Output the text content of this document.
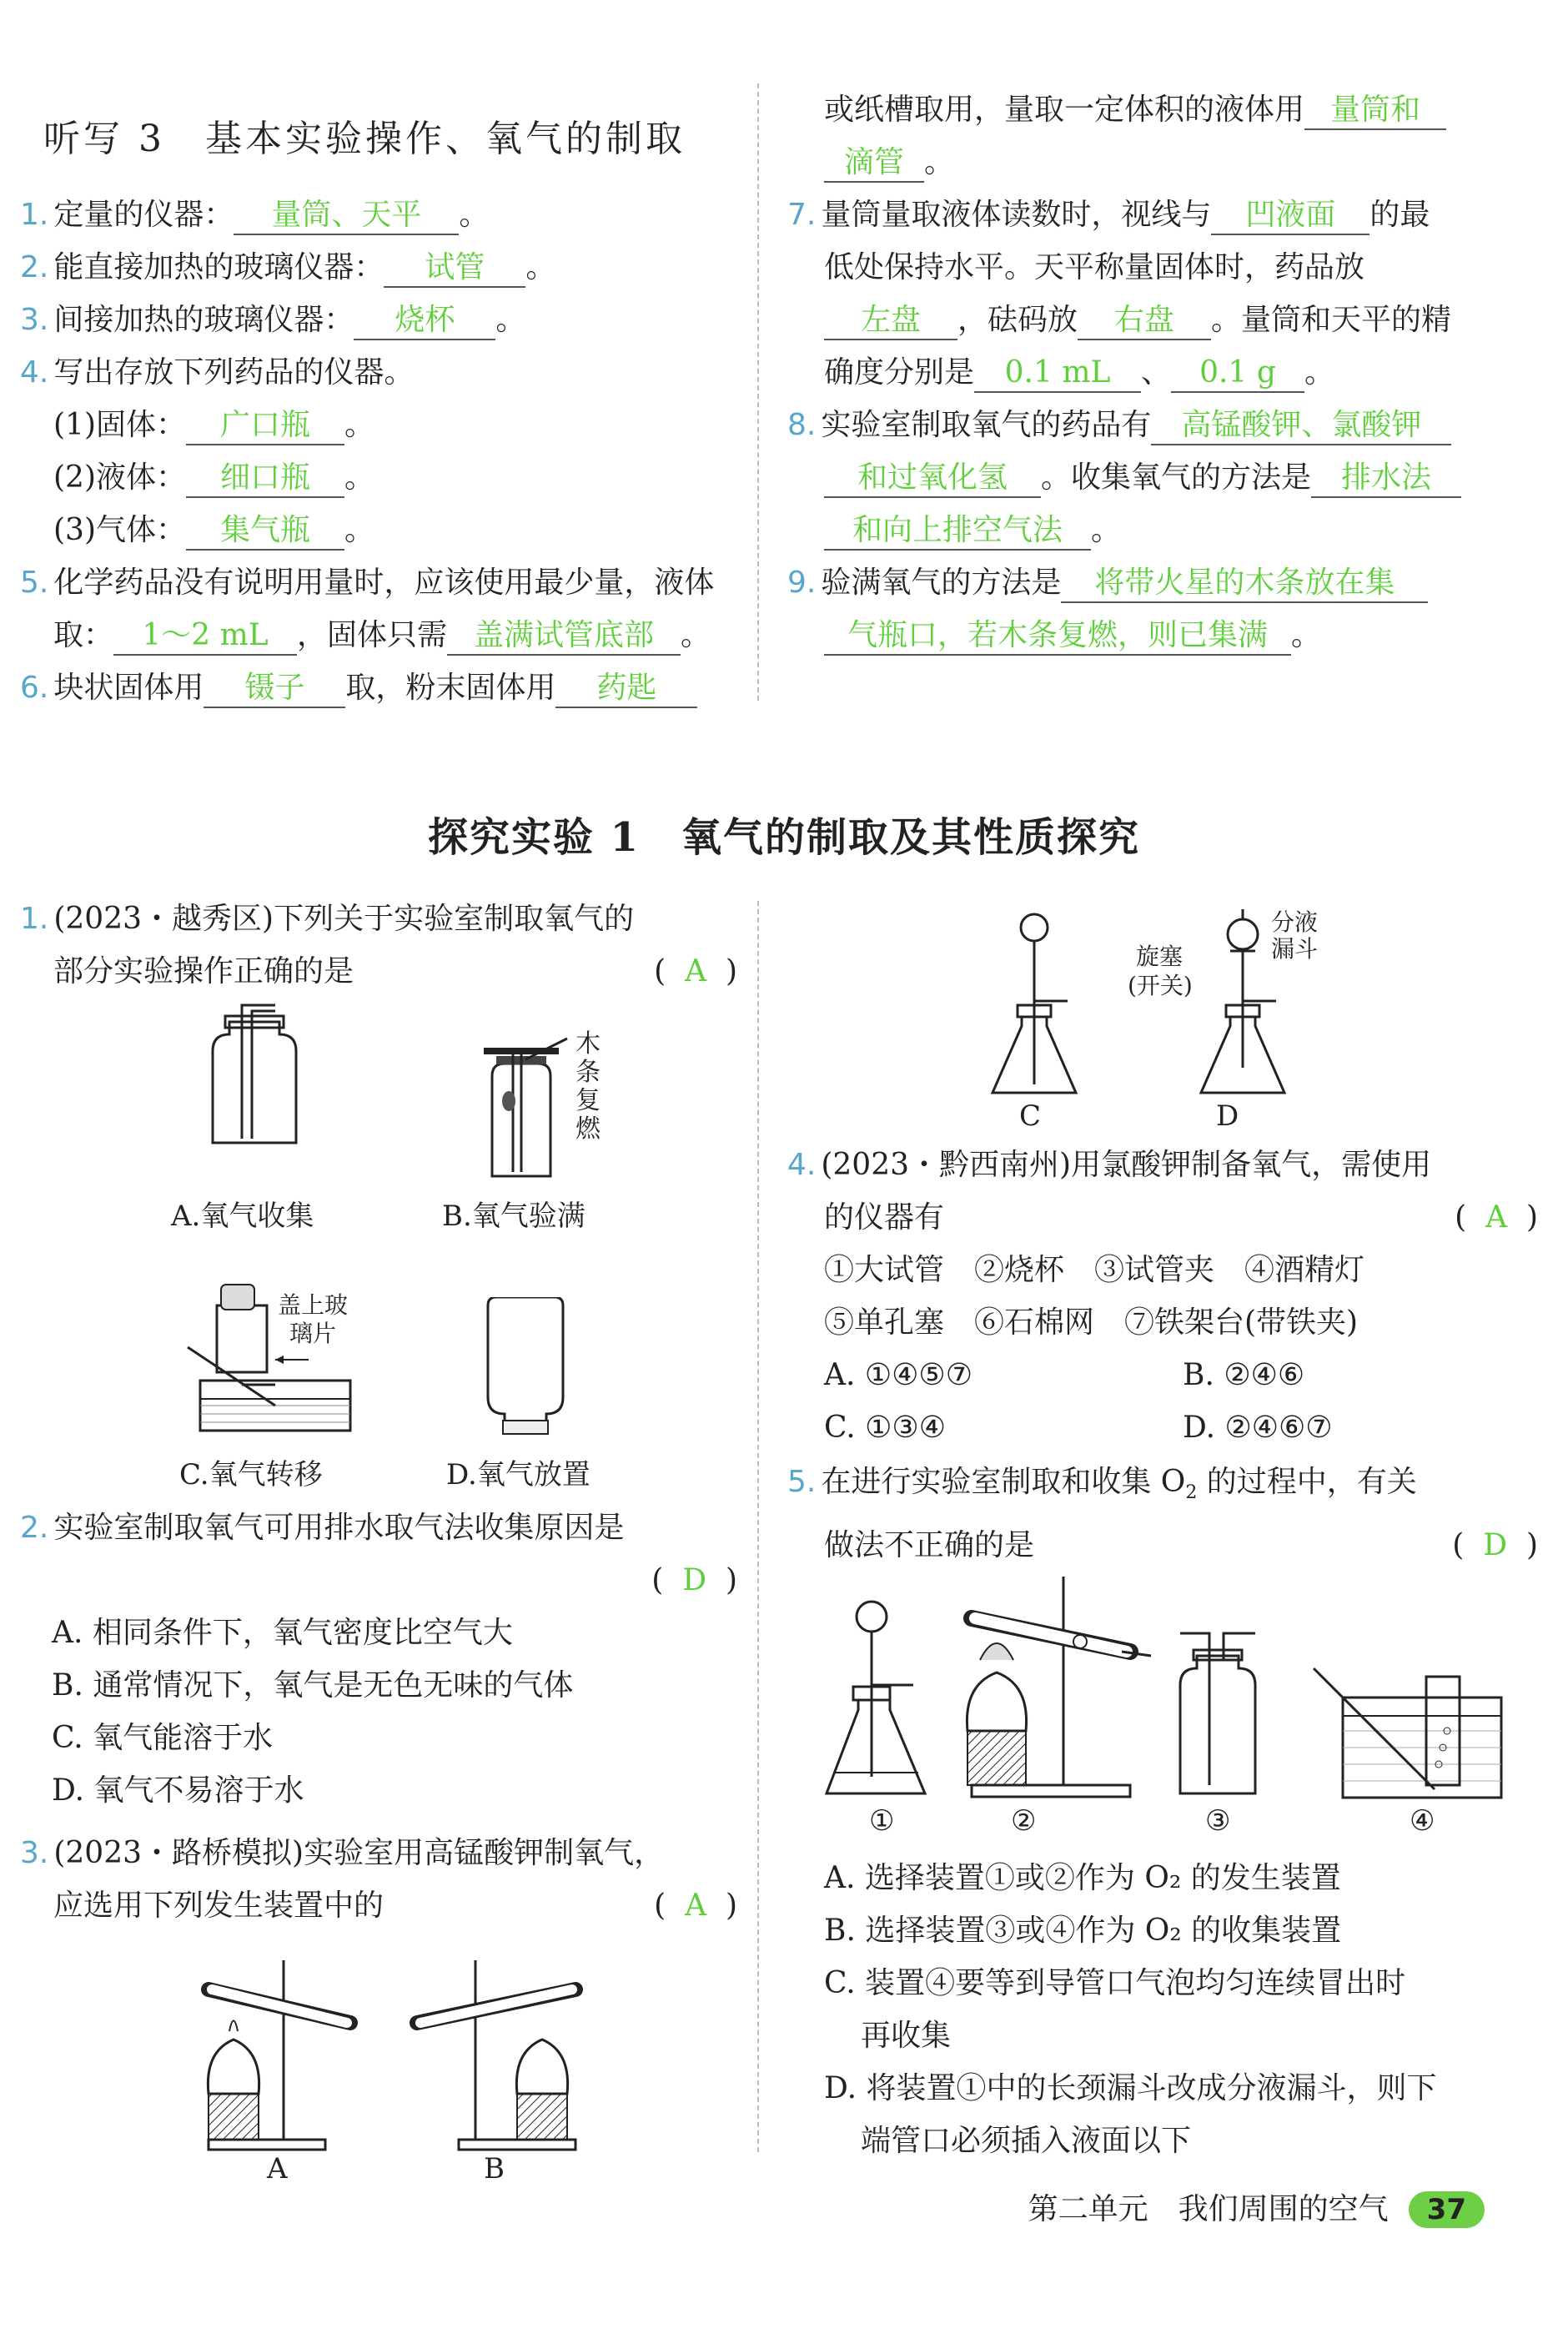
听写 3　基本实验操作、氧气的制取
1. 定量的仪器： 量筒、天平 。
2. 能直接加热的玻璃仪器： 试管 。
3. 间接加热的玻璃仪器： 烧杯 。
4. 写出存放下列药品的仪器。
(1)固体： 广口瓶 。
(2)液体： 细口瓶 。
(3)气体： 集气瓶 。
5. 化学药品没有说明用量时，应该使用最少量，液体
取： 1～2 mL ，固体只需 盖满试管底部 。
6. 块状固体用 镊子 取，粉末固体用 药匙
或纸槽取用，量取一定体积的液体用 量筒和
滴管 。
7. 量筒量取液体读数时，视线与 凹液面 的最
低处保持水平。天平称量固体时，药品放
左盘 ，砝码放 右盘 。量筒和天平的精
确度分别是 0.1 mL 、 0.1 g 。
8. 实验室制取氧气的药品有 高锰酸钾、氯酸钾
和过氧化氢 。收集氧气的方法是 排水法
和向上排空气法 。
9. 验满氧气的方法是 将带火星的木条放在集
气瓶口，若木条复燃，则已集满 。
探究实验 1　氧气的制取及其性质探究
1. (2023・越秀区)下列关于实验室制取氧气的
部分实验操作正确的是	(  A  )
A.氧气收集
木条复燃
B.氧气验满
盖上玻璃片
C.氧气转移	D.氧气放置
2. 实验室制取氧气可用排水取气法收集原因是
(  D  )

A. 相同条件下，氧气密度比空气大
B. 通常情况下，氧气是无色无味的气体
C. 氧气能溶于水
D. 氧气不易溶于水
3. (2023・路桥模拟)实验室用高锰酸钾制氧气，
应选用下列发生装置中的	(  A  )
A	B
C
旋塞
(开关)
分液漏斗
D
4. (2023・黔西南州)用氯酸钾制备氧气，需使用
的仪器有	(  A  )
①大试管　②烧杯　③试管夹　④酒精灯
⑤单孔塞　⑥石棉网　⑦铁架台(带铁夹)
A. ①④⑤⑦	B. ②④⑥
C. ①③④	D. ②④⑥⑦
5. 在进行实验室制取和收集 $O_2$ 的过程中，有关
做法不正确的是	(  D  )
①	②	③	④
A. 选择装置①或②作为 O₂ 的发生装置
B. 选择装置③或④作为 O₂ 的收集装置
C. 装置④要等到导管口气泡均匀连续冒出时
再收集
D. 将装置①中的长颈漏斗改成分液漏斗，则下
端管口必须插入液面以下
第二单元　我们周围的空气 37
